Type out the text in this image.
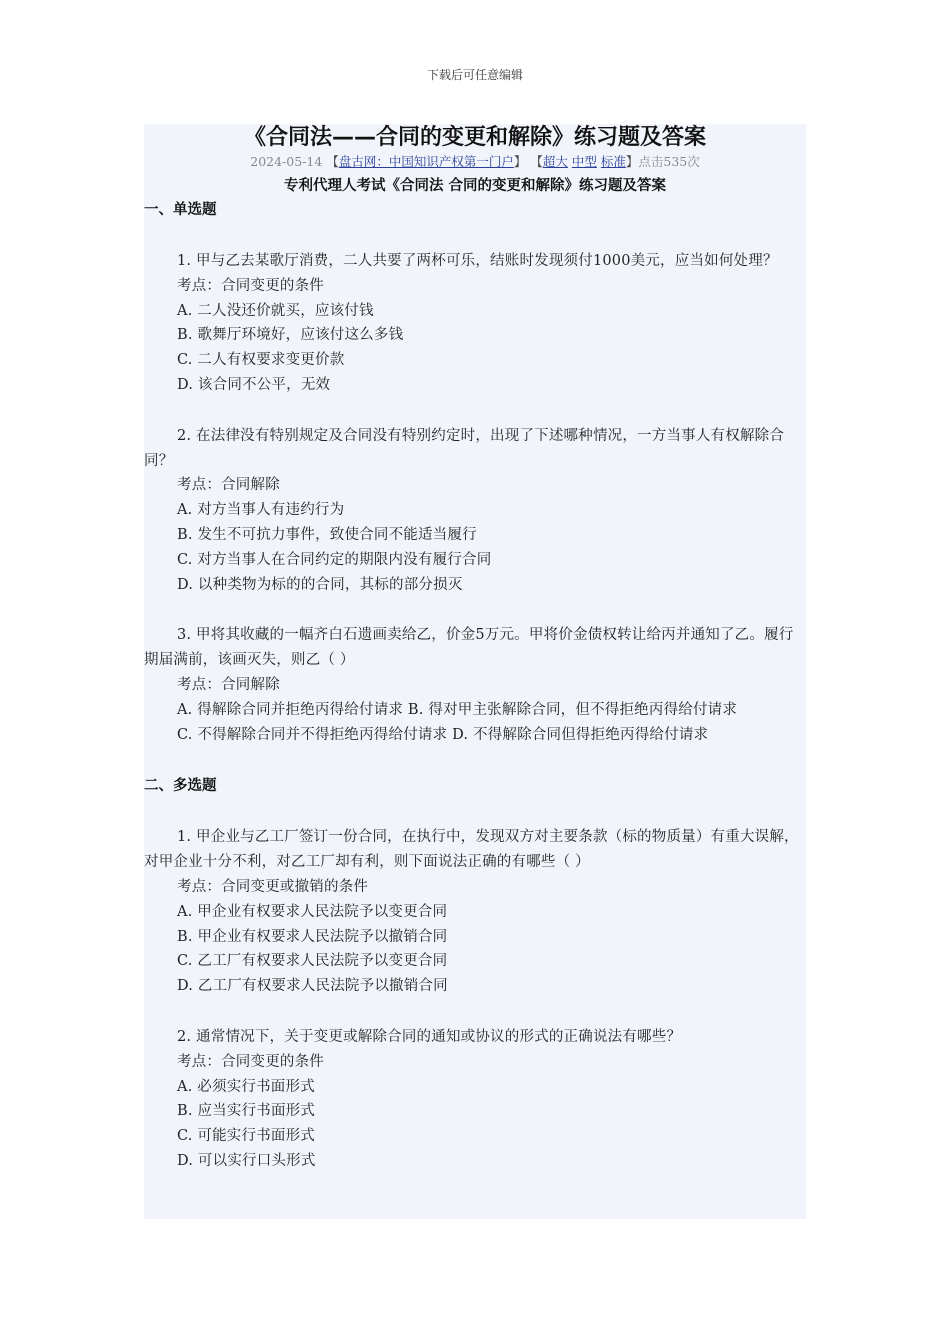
下载后可任意编辑
《合同法——合同的变更和解除》练习题及答案
2024-05-14 【盘古网：中国知识产权第一门户】 【超大 中型 标准】点击535次
专利代理人考试《合同法 合同的变更和解除》练习题及答案
一、单选题
1. 甲与乙去某歌厅消费，二人共要了两杯可乐，结账时发现须付1000美元，应当如何处理？
考点：合同变更的条件
A. 二人没还价就买，应该付钱
B. 歌舞厅环境好，应该付这么多钱
C. 二人有权要求变更价款
D. 该合同不公平，无效
2. 在法律没有特别规定及合同没有特别约定时，出现了下述哪种情况，一方当事人有权解除合同？
考点：合同解除
A. 对方当事人有违约行为
B. 发生不可抗力事件，致使合同不能适当履行
C. 对方当事人在合同约定的期限内没有履行合同
D. 以种类物为标的的合同，其标的部分损灭
3. 甲将其收藏的一幅齐白石遗画卖给乙，价金5万元。甲将价金债权转让给丙并通知了乙。履行期届满前，该画灭失，则乙（ ）
考点：合同解除
A. 得解除合同并拒绝丙得给付请求 B. 得对甲主张解除合同，但不得拒绝丙得给付请求
C. 不得解除合同并不得拒绝丙得给付请求 D. 不得解除合同但得拒绝丙得给付请求
二、多选题
1. 甲企业与乙工厂签订一份合同，在执行中，发现双方对主要条款（标的物质量）有重大误解，对甲企业十分不利，对乙工厂却有利，则下面说法正确的有哪些（ ）
考点：合同变更或撤销的条件
A. 甲企业有权要求人民法院予以变更合同
B. 甲企业有权要求人民法院予以撤销合同
C. 乙工厂有权要求人民法院予以变更合同
D. 乙工厂有权要求人民法院予以撤销合同
2. 通常情况下，关于变更或解除合同的通知或协议的形式的正确说法有哪些？
考点：合同变更的条件
A. 必须实行书面形式
B. 应当实行书面形式
C. 可能实行书面形式
D. 可以实行口头形式
